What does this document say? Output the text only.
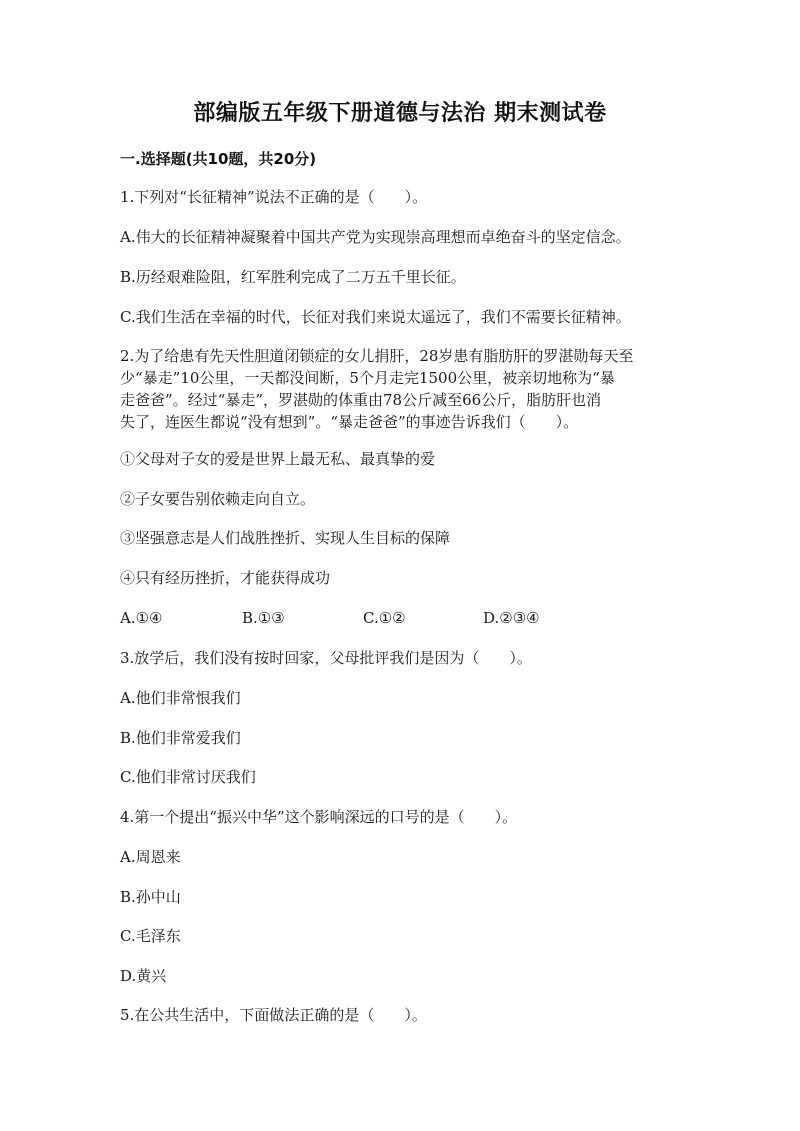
部编版五年级下册道德与法治 期末测试卷
一.选择题(共10题，共20分)
1.下列对“长征精神”说法不正确的是（　　）。
A.伟大的长征精神凝聚着中国共产党为实现崇高理想而卓绝奋斗的坚定信念。
B.历经艰难险阻，红军胜利完成了二万五千里长征。
C.我们生活在幸福的时代，长征对我们来说太遥远了，我们不需要长征精神。
2.为了给患有先天性胆道闭锁症的女儿捐肝，28岁患有脂肪肝的罗湛勋每天至
少“暴走”10公里，一天都没间断，5个月走完1500公里，被亲切地称为“暴
走爸爸”。经过“暴走”，罗湛勋的体重由78公斤减至66公斤，脂肪肝也消
失了，连医生都说“没有想到”。“暴走爸爸”的事迹告诉我们（　　）。
①父母对子女的爱是世界上最无私、最真挚的爱
②子女要告别依赖走向自立。
③坚强意志是人们战胜挫折、实现人生目标的保障
④只有经历挫折，才能获得成功
A.①④	B.①③	C.①②	D.②③④
3.放学后，我们没有按时回家，父母批评我们是因为（　　）。
A.他们非常恨我们
B.他们非常爱我们
C.他们非常讨厌我们
4.第一个提出“振兴中华”这个影响深远的口号的是（　　）。
A.周恩来
B.孙中山
C.毛泽东
D.黄兴
5.在公共生活中，下面做法正确的是（　　）。
